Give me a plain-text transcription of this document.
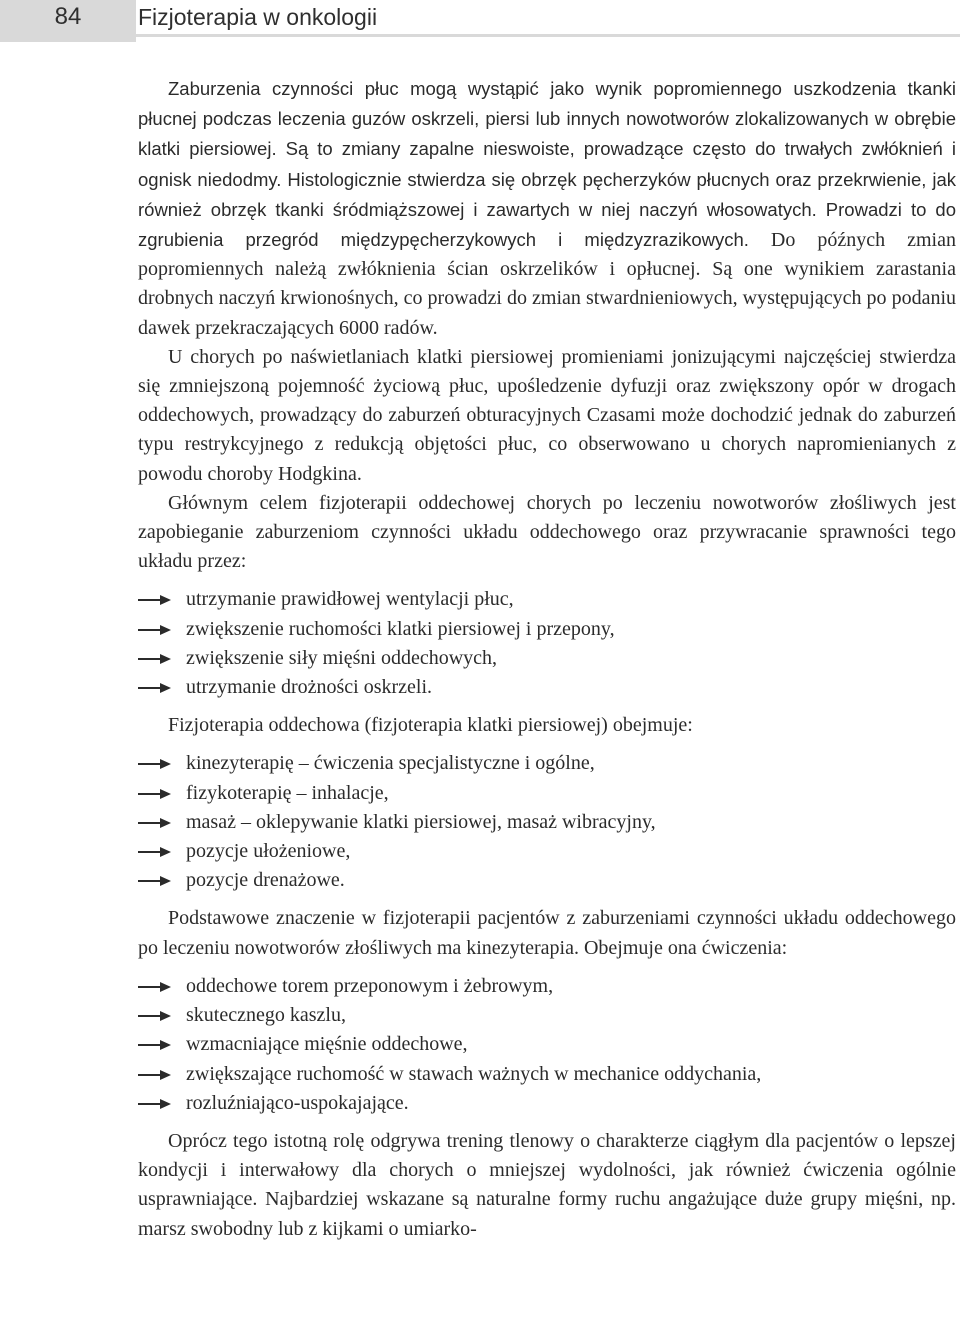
84	Fizjoterapia w onkologii

Zaburzenia czynności płuc mogą wystąpić jako wynik popromiennego uszkodzenia tkanki płucnej podczas leczenia guzów oskrzeli, piersi lub innych nowotworów zlokalizowanych w obrębie klatki piersiowej. Są to zmiany zapalne nieswoiste, prowadzące często do trwałych zwłóknień i ognisk niedodmy. Histologicznie stwierdza się obrzęk pęcherzyków płucnych oraz przekrwienie, jak również obrzęk tkanki śródmiąższowej i zawartych w niej naczyń włosowatych. Prowadzi to do zgrubienia przegród międzypęcherzykowych i międzyzrazikowych. Do późnych zmian popromiennych należą zwłóknienia ścian oskrzelików i opłucnej. Są one wynikiem zarastania drobnych naczyń krwionośnych, co prowadzi do zmian stwardnieniowych, występujących po podaniu dawek przekraczających 6000 radów.

U chorych po naświetlaniach klatki piersiowej promieniami jonizującymi najczęściej stwierdza się zmniejszoną pojemność życiową płuc, upośledzenie dyfuzji oraz zwiększony opór w drogach oddechowych, prowadzący do zaburzeń obturacyjnych Czasami może dochodzić jednak do zaburzeń typu restrykcyjnego z redukcją objętości płuc, co obserwowano u chorych napromienianych z powodu choroby Hodgkina.

Głównym celem fizjoterapii oddechowej chorych po leczeniu nowotworów złośliwych jest zapobieganie zaburzeniom czynności układu oddechowego oraz przywracanie sprawności tego układu przez:

utrzymanie prawidłowej wentylacji płuc,
zwiększenie ruchomości klatki piersiowej i przepony,
zwiększenie siły mięśni oddechowych,
utrzymanie drożności oskrzeli.

Fizjoterapia oddechowa (fizjoterapia klatki piersiowej) obejmuje:

kinezyterapię – ćwiczenia specjalistyczne i ogólne,
fizykoterapię – inhalacje,
masaż – oklepywanie klatki piersiowej, masaż wibracyjny,
pozycje ułożeniowe,
pozycje drenażowe.

Podstawowe znaczenie w fizjoterapii pacjentów z zaburzeniami czynności układu oddechowego po leczeniu nowotworów złośliwych ma kinezyterapia. Obejmuje ona ćwiczenia:

oddechowe torem przeponowym i żebrowym,
skutecznego kaszlu,
wzmacniające mięśnie oddechowe,
zwiększające ruchomość w stawach ważnych w mechanice oddychania,
rozluźniająco-uspokajające.

Oprócz tego istotną rolę odgrywa trening tlenowy o charakterze ciągłym dla pacjentów o lepszej kondycji i interwałowy dla chorych o mniejszej wydolności, jak również ćwiczenia ogólnie usprawniające. Najbardziej wskazane są naturalne formy ruchu angażujące duże grupy mięśni, np. marsz swobodny lub z kijkami o umiarko-
